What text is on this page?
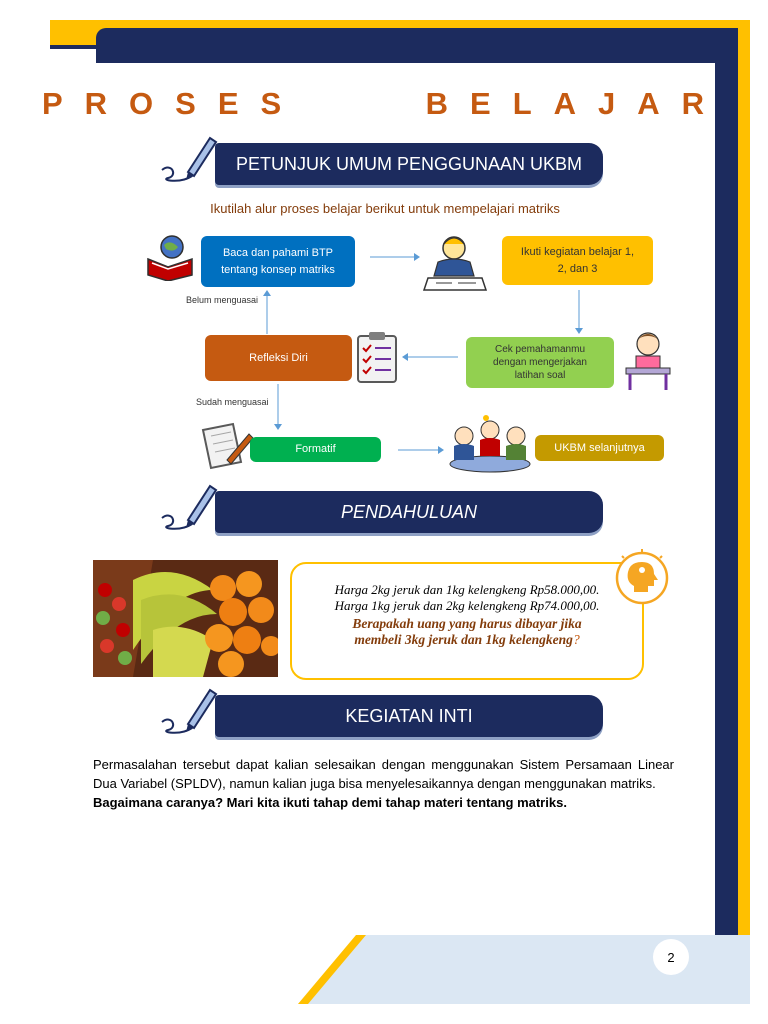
2
PROSES    BELAJAR
PETUNJUK UMUM PENGGUNAAN UKBM
Ikutilah alur proses belajar berikut untuk mempelajari matriks
Baca dan pahami BTP tentang konsep matriks
Ikuti kegiatan belajar 1, 2, dan 3
Cek pemahamanmu dengan mengerjakan latihan soal
Refleksi Diri
Belum menguasai
Sudah menguasai
Formatif	UKBM selanjutnya
PENDAHULUAN
Harga 2kg jeruk dan 1kg kelengkeng Rp58.000,00.
Harga 1kg jeruk dan 2kg kelengkeng Rp74.000,00.
Berapakah uang yang harus dibayar jika
membeli 3kg jeruk dan 1kg kelengkeng?
KEGIATAN INTI
Permasalahan tersebut dapat kalian selesaikan dengan menggunakan Sistem Persamaan Linear Dua Variabel (SPLDV), namun kalian juga bisa menyelesaikannya dengan menggunakan matriks.
Bagaimana caranya? Mari kita ikuti tahap demi tahap materi tentang matriks.
